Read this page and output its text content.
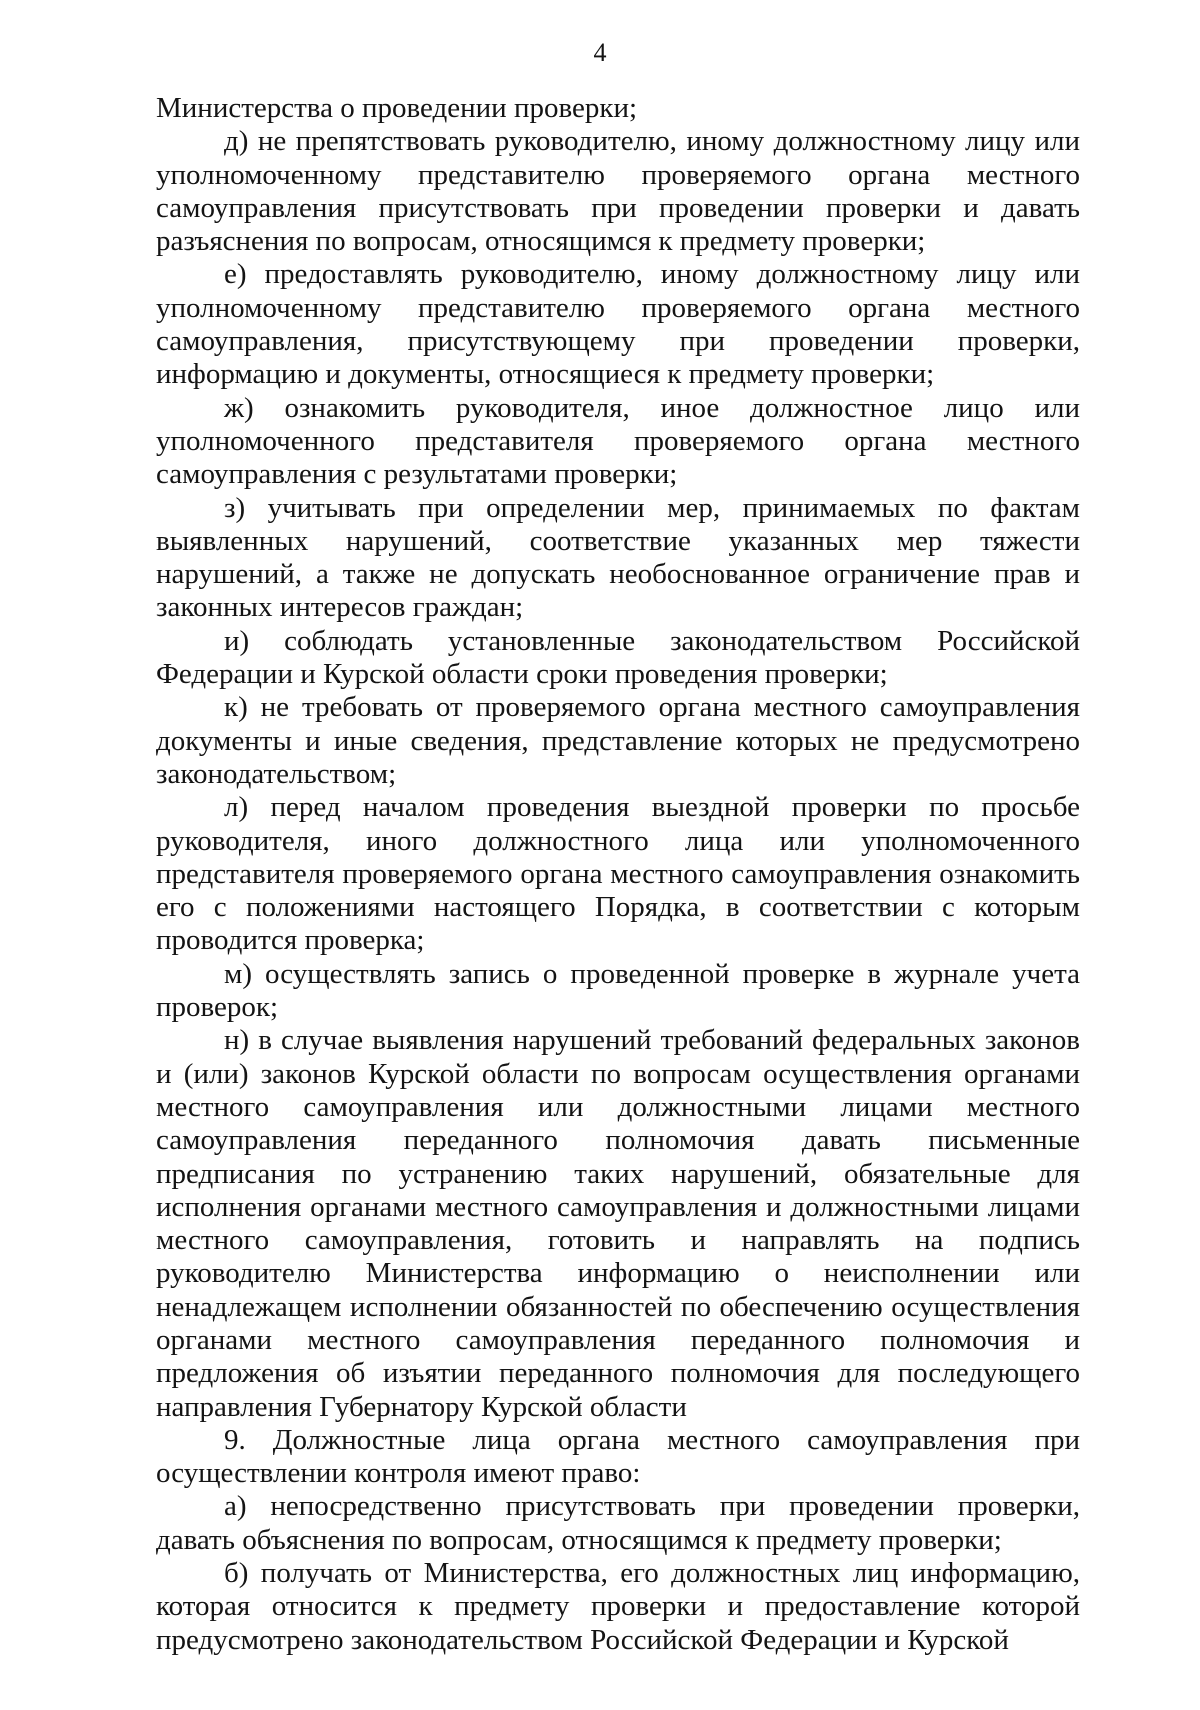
4

Министерства о проведении проверки;

д) не препятствовать руководителю, иному должностному лицу или уполномоченному представителю проверяемого органа местного самоуправления присутствовать при проведении проверки и давать разъяснения по вопросам, относящимся к предмету проверки;

е) предоставлять руководителю, иному должностному лицу или уполномоченному представителю проверяемого органа местного самоуправления, присутствующему при проведении проверки, информацию и документы, относящиеся к предмету проверки;

ж) ознакомить руководителя, иное должностное лицо или уполномоченного представителя проверяемого органа местного самоуправления с результатами проверки;

з) учитывать при определении мер, принимаемых по фактам выявленных нарушений, соответствие указанных мер тяжести нарушений, а также не допускать необоснованное ограничение прав и законных интересов граждан;

и) соблюдать установленные законодательством Российской Федерации и Курской области сроки проведения проверки;

к) не требовать от проверяемого органа местного самоуправления документы и иные сведения, представление которых не предусмотрено законодательством;

л) перед началом проведения выездной проверки по просьбе руководителя, иного должностного лица или уполномоченного представителя проверяемого органа местного самоуправления ознакомить его с положениями настоящего Порядка, в соответствии с которым проводится проверка;

м) осуществлять запись о проведенной проверке в журнале учета проверок;

н) в случае выявления нарушений требований федеральных законов и (или) законов Курской области по вопросам осуществления органами местного самоуправления или должностными лицами местного самоуправления переданного полномочия давать письменные предписания по устранению таких нарушений, обязательные для исполнения органами местного самоуправления и должностными лицами местного самоуправления, готовить и направлять на подпись руководителю Министерства информацию о неисполнении или ненадлежащем исполнении обязанностей по обеспечению осуществления органами местного самоуправления переданного полномочия и предложения об изъятии переданного полномочия для последующего направления Губернатору Курской области

9. Должностные лица органа местного самоуправления при осуществлении контроля имеют право:

а) непосредственно присутствовать при проведении проверки, давать объяснения по вопросам, относящимся к предмету проверки;

б) получать от Министерства, его должностных лиц информацию, которая относится к предмету проверки и предоставление которой предусмотрено законодательством Российской Федерации и Курской
